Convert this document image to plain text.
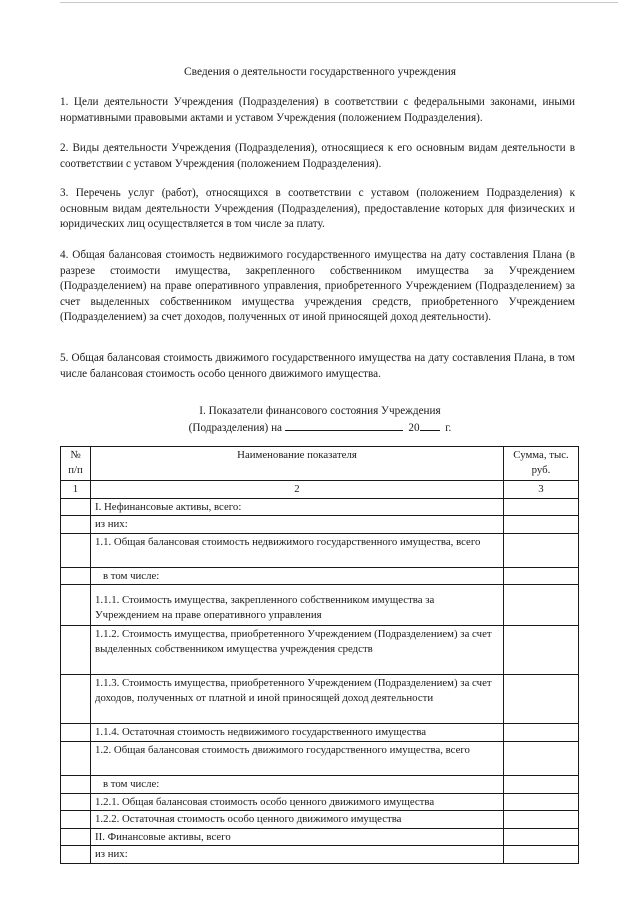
Сведения о деятельности государственного учреждения

1. Цели деятельности Учреждения (Подразделения) в соответствии с федеральными законами, иными нормативными правовыми актами и уставом Учреждения (положением Подразделения).

2. Виды деятельности Учреждения (Подразделения), относящиеся к его основным видам деятельности в соответствии с уставом Учреждения (положением Подразделения).

3. Перечень услуг (работ), относящихся в соответствии с уставом (положением Подразделения) к основным видам деятельности Учреждения (Подразделения), предоставление которых для физических и юридических лиц осуществляется в том числе за плату.

4. Общая балансовая стоимость недвижимого государственного имущества на дату составления Плана (в разрезе стоимости имущества, закрепленного собственником имущества за Учреждением (Подразделением) на праве оперативного управления, приобретенного Учреждением (Подразделением) за счет выделенных собственником имущества учреждения средств, приобретенного Учреждением (Подразделением) за счет доходов, полученных от иной приносящей доход деятельности).

5. Общая балансовая стоимость движимого государственного имущества на дату составления Плана, в том числе балансовая стоимость особо ценного движимого имущества.

I. Показатели финансового состояния Учреждения
(Подразделения) на	20 г.
№ п/п	Наименование показателя	Сумма, тыс. руб.
1	2	3
	I. Нефинансовые активы, всего:	
	из них:	
	1.1. Общая балансовая стоимость недвижимого государственного имущества, всего	
	в том числе:	
	1.1.1. Стоимость имущества, закрепленного собственником имущества за Учреждением на праве оперативного управления	
	1.1.2. Стоимость имущества, приобретенного Учреждением (Подразделением) за счет выделенных собственником имущества учреждения средств	
	1.1.3. Стоимость имущества, приобретенного Учреждением (Подразделением) за счет доходов, полученных от платной и иной приносящей доход деятельности	
	1.1.4. Остаточная стоимость недвижимого государственного имущества	
	1.2. Общая балансовая стоимость движимого государственного имущества, всего	
	в том числе:	
	1.2.1. Общая балансовая стоимость особо ценного движимого имущества	
	1.2.2. Остаточная стоимость особо ценного движимого имущества	
	II. Финансовые активы, всего	
	из них:	
